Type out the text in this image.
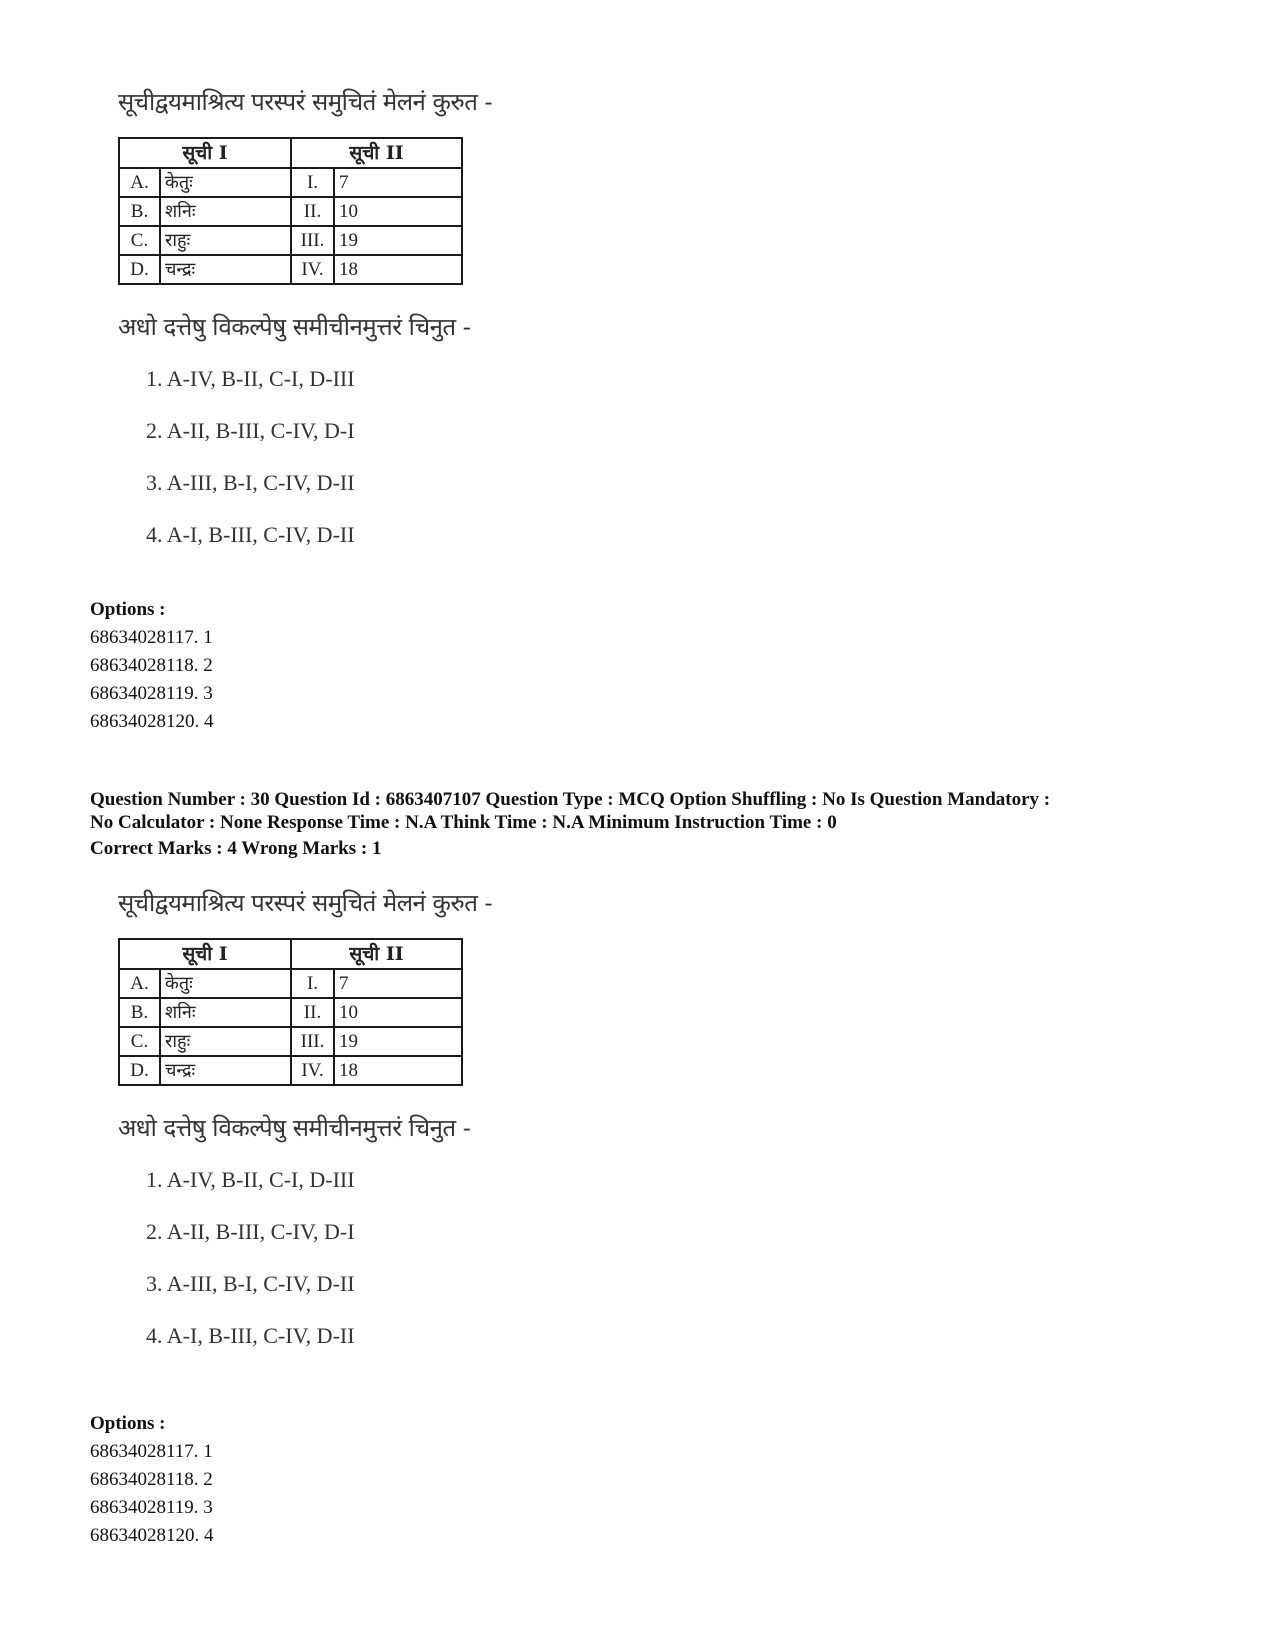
सूचीद्वयमाश्रित्य परस्परं समुचितं मेलनं कुरुत -
सूची I		सूची II	
A.	केतुः	I.	7
B.	शनिः	II.	10
C.	राहुः	III.	19
D.	चन्द्रः	IV.	18
अधो दत्तेषु विकल्पेषु समीचीनमुत्तरं चिनुत -
1. A-IV, B-II, C-I, D-III
2. A-II, B-III, C-IV, D-I
3. A-III, B-I, C-IV, D-II
4. A-I, B-III, C-IV, D-II
Options :
68634028117. 1
68634028118. 2
68634028119. 3
68634028120. 4
Question Number : 30 Question Id : 6863407107 Question Type : MCQ Option Shuffling : No Is Question Mandatory :
No Calculator : None Response Time : N.A Think Time : N.A Minimum Instruction Time : 0
Correct Marks : 4 Wrong Marks : 1
सूचीद्वयमाश्रित्य परस्परं समुचितं मेलनं कुरुत -
सूची I		सूची II	
A.	केतुः	I.	7
B.	शनिः	II.	10
C.	राहुः	III.	19
D.	चन्द्रः	IV.	18
अधो दत्तेषु विकल्पेषु समीचीनमुत्तरं चिनुत -
1. A-IV, B-II, C-I, D-III
2. A-II, B-III, C-IV, D-I
3. A-III, B-I, C-IV, D-II
4. A-I, B-III, C-IV, D-II
Options :
68634028117. 1
68634028118. 2
68634028119. 3
68634028120. 4
